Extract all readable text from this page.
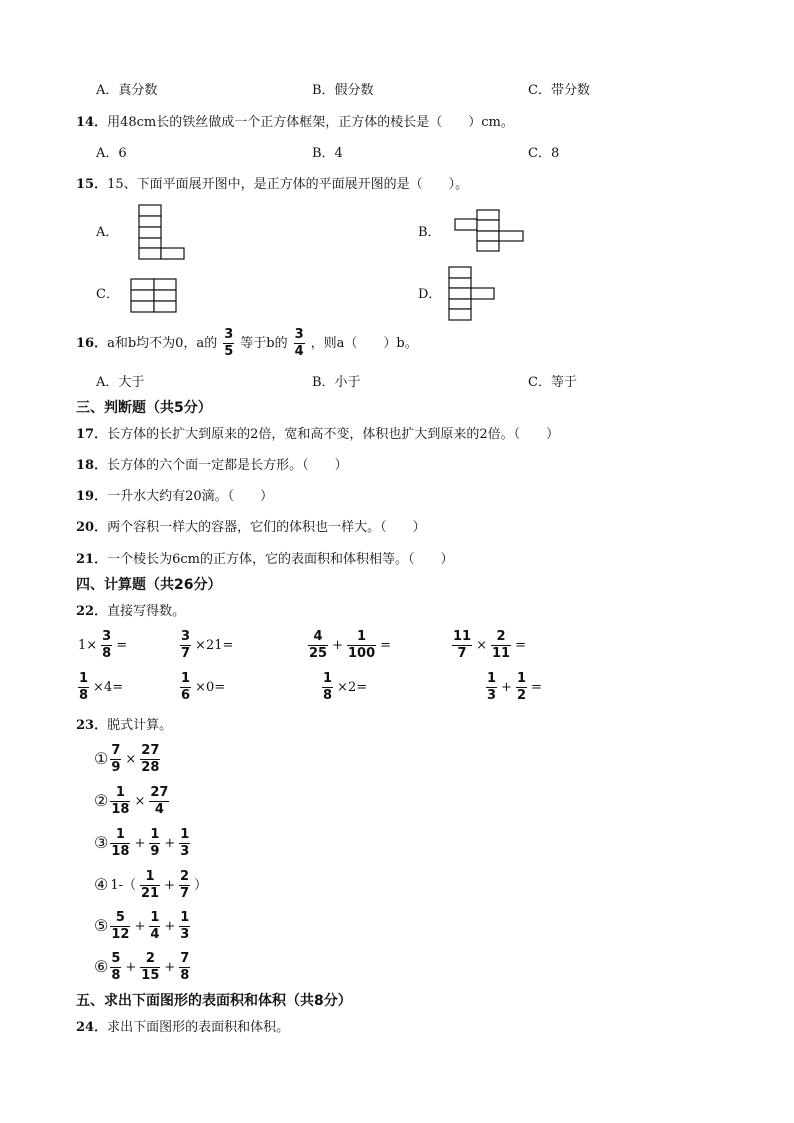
A．真分数	B．假分数	C．带分数
14．用48cm长的铁丝做成一个正方体框架，正方体的棱长是（　　）cm。
A．6	B．4	C．8
15．15、下面平面展开图中，是正方体的平面展开图的是（　　）。
A．	B．
C．	D．
16． a和b均不为0，a的 $\frac{3}{5}$ 等于b的 $\frac{3}{4}$ ，则a（　　）b。
A．大于	B．小于	C．等于
三、判断题（共5分）
17．长方体的长扩大到原来的2倍，宽和高不变，体积也扩大到原来的2倍。（　　）
18．长方体的六个面一定都是长方形。（　　）
19．一升水大约有20滴。（　　）
20．两个容积一样大的容器，它们的体积也一样大。（　　）
21．一个棱长为6cm的正方体，它的表面积和体积相等。（　　）
四、计算题（共26分）
22．直接写得数。
$1\times \frac{3}{8}$ =	$\frac{3}{7} \times 21=$	$\frac{4}{25} + \frac{1}{100}$ =	$\frac{11}{7} \times \frac{2}{11}$ =
$\frac{1}{8} \times 4=$	$\frac{1}{6} \times 0=$	$\frac{1}{8} \times 2=$	$\frac{1}{3} + \frac{1}{2}$ =
23．脱式计算。
① $\frac{7}{9} \times \frac{27}{28}$
② $\frac{1}{18} \times \frac{27}{4}$
③ $\frac{1}{18} + \frac{1}{9} + \frac{1}{3}$
④ $1-( \frac{1}{21} + \frac{2}{7}$ ）
⑤ $\frac{5}{12} + \frac{1}{4} + \frac{1}{3}$
⑥ $\frac{5}{8} + \frac{2}{15} + \frac{7}{8}$
五、求出下面图形的表面积和体积（共8分）
24．求出下面图形的表面积和体积。
